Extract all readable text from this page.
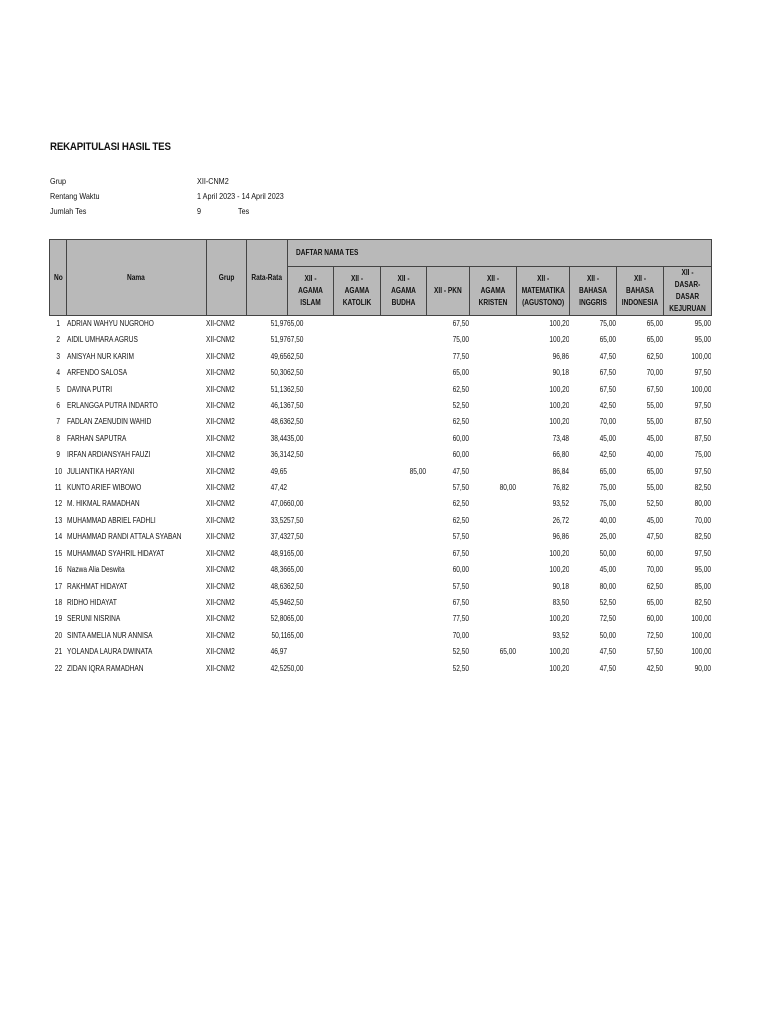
REKAPITULASI HASIL TES
Grup	XII-CNM2
Rentang Waktu	1 April 2023 - 14 April 2023
Jumlah Tes	9	Tes
No	Nama	Grup	Rata-Rata	DAFTAR NAMA TES								
				XII - AGAMA ISLAM	XII - AGAMA KATOLIK	XII - AGAMA BUDHA	XII - PKN	XII - AGAMA KRISTEN	XII - MATEMATIKA (AGUSTONO)	XII - BAHASA INGGRIS	XII - BAHASA INDONESIA	XII - DASAR-DASAR KEJURUAN
1	ADRIAN WAHYU NUGROHO	XII-CNM2	51,97	65,00			67,50		100,20	75,00	65,00	95,00
2	AIDIL UMHARA AGRUS	XII-CNM2	51,97	67,50			75,00		100,20	65,00	65,00	95,00
3	ANISYAH NUR KARIM	XII-CNM2	49,65	62,50			77,50		96,86	47,50	62,50	100,00
4	ARFENDO SALOSA	XII-CNM2	50,30	62,50			65,00		90,18	67,50	70,00	97,50
5	DAVINA PUTRI	XII-CNM2	51,13	62,50			62,50		100,20	67,50	67,50	100,00
6	ERLANGGA PUTRA INDARTO	XII-CNM2	46,13	67,50			52,50		100,20	42,50	55,00	97,50
7	FADLAN ZAENUDIN WAHID	XII-CNM2	48,63	62,50			62,50		100,20	70,00	55,00	87,50
8	FARHAN SAPUTRA	XII-CNM2	38,44	35,00			60,00		73,48	45,00	45,00	87,50
9	IRFAN ARDIANSYAH FAUZI	XII-CNM2	36,31	42,50			60,00		66,80	42,50	40,00	75,00
10	JULIANTIKA HARYANI	XII-CNM2	49,65			85,00	47,50		86,84	65,00	65,00	97,50
11	KUNTO ARIEF WIBOWO	XII-CNM2	47,42				57,50	80,00	76,82	75,00	55,00	82,50
12	M. HIKMAL RAMADHAN	XII-CNM2	47,06	60,00			62,50		93,52	75,00	52,50	80,00
13	MUHAMMAD ABRIEL FADHLI	XII-CNM2	33,52	57,50			62,50		26,72	40,00	45,00	70,00
14	MUHAMMAD RANDI ATTALA SYABAN	XII-CNM2	37,43	27,50			57,50		96,86	25,00	47,50	82,50
15	MUHAMMAD SYAHRIL HIDAYAT	XII-CNM2	48,91	65,00			67,50		100,20	50,00	60,00	97,50
16	Nazwa Alia Deswita	XII-CNM2	48,36	65,00			60,00		100,20	45,00	70,00	95,00
17	RAKHMAT HIDAYAT	XII-CNM2	48,63	62,50			57,50		90,18	80,00	62,50	85,00
18	RIDHO HIDAYAT	XII-CNM2	45,94	62,50			67,50		83,50	52,50	65,00	82,50
19	SERUNI NISRINA	XII-CNM2	52,80	65,00			77,50		100,20	72,50	60,00	100,00
20	SINTA AMELIA NUR ANNISA	XII-CNM2	50,11	65,00			70,00		93,52	50,00	72,50	100,00
21	YOLANDA LAURA DWINATA	XII-CNM2	46,97				52,50	65,00	100,20	47,50	57,50	100,00
22	ZIDAN IQRA RAMADHAN	XII-CNM2	42,52	50,00			52,50		100,20	47,50	42,50	90,00
